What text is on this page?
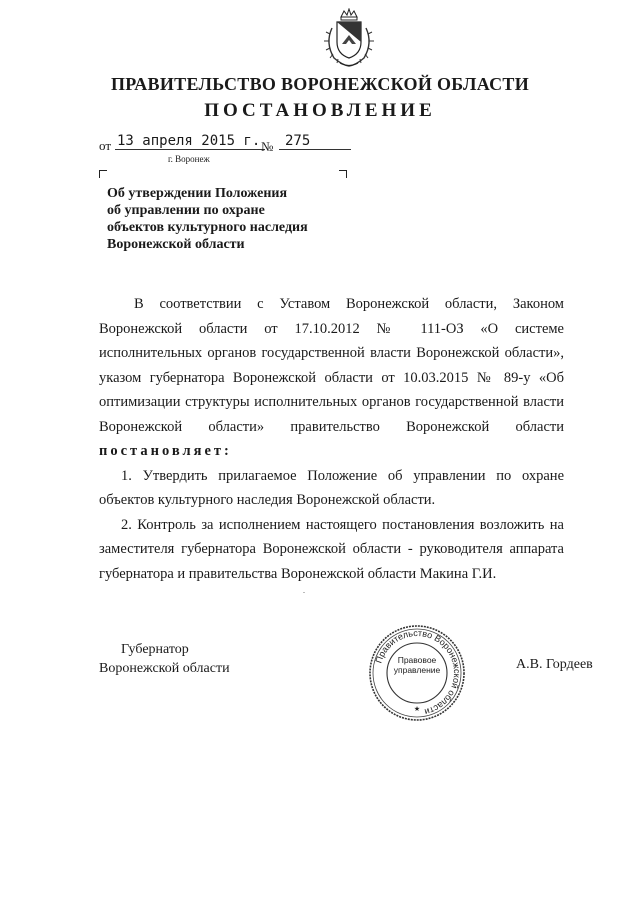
ПРАВИТЕЛЬСТВО ВОРОНЕЖСКОЙ ОБЛАСТИ
ПОСТАНОВЛЕНИЕ
от 13 апреля 2015 г. № 275
г. Воронеж
Об утверждении Положения
об управлении по охране
объектов культурного наследия
Воронежской области

В соответствии с Уставом Воронежской области, Законом Воронежской области от 17.10.2012 № 111-ОЗ «О системе исполнительных органов государственной власти Воронежской области», указом губернатора Воронежской области от 10.03.2015 № 89-у «Об оптимизации структуры исполнительных органов государственной власти Воронежской области» правительство Воронежской области постановляет:

1. Утвердить прилагаемое Положение об управлении по охране объектов культурного наследия Воронежской области.

2. Контроль за исполнением настоящего постановления возложить на заместителя губернатора Воронежской области - руководителя аппарата губернатора и правительства Воронежской области Макина Г.И.

Губернатор
Воронежской области
Правительство Воронежской области
★
Правовое
управление	А.В. Гордеев
